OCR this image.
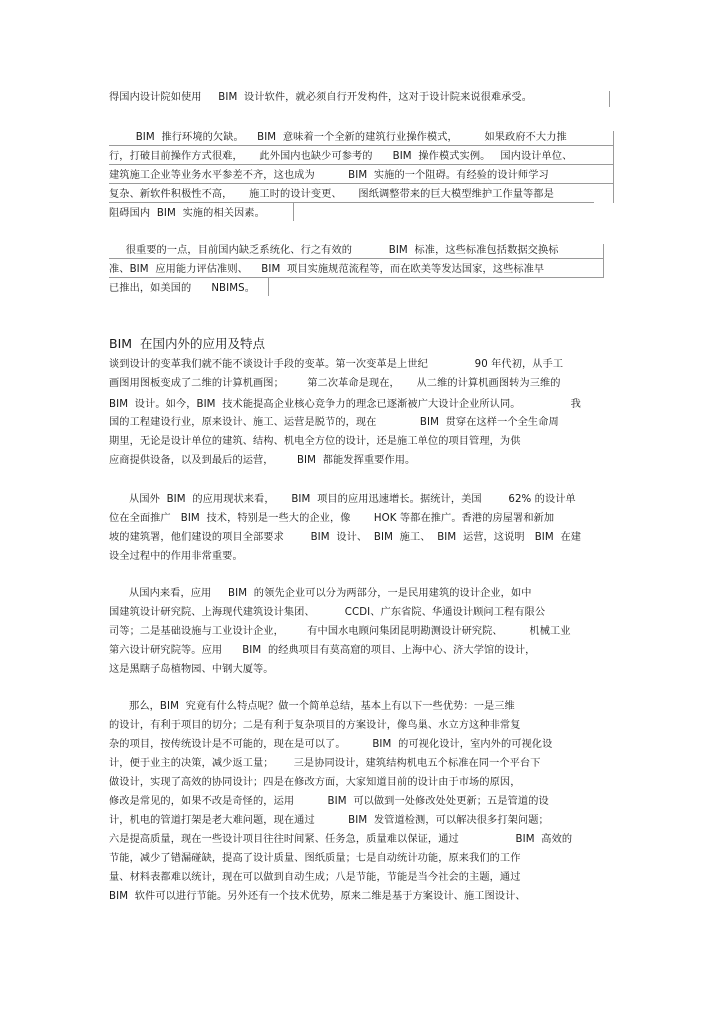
得国内设计院如使用     BIM  设计软件，就必须自行开发构件，这对于设计院来说很难承受。
BIM  推行环境的欠缺。    BIM  意味着一个全新的建筑行业操作模式，        如果政府不大力推
行，打破目前操作方式很难，     此外国内也缺少可参考的      BIM  操作模式实例。   国内设计单位、
建筑施工企业等业务水平参差不齐，这也成为          BIM  实施的一个阻碍。有经验的设计师学习
复杂、新软件积极性不高，     施工时的设计变更、     图纸调整带来的巨大模型维护工作量等都是
阻碍国内  BIM  实施的相关因素。
很重要的一点，目前国内缺乏系统化、行之有效的           BIM  标准，这些标准包括数据交换标
准、BIM  应用能力评估准则、    BIM  项目实施规范流程等，而在欧美等发达国家，这些标准早
已推出，如美国的      NBIMS。
BIM  在国内外的应用及特点
谈到设计的变革我们就不能不谈设计手段的变革。第一次变革是上世纪              90 年代初，从手工
画图用图板变成了二维的计算机画图；       第二次革命是现在，     从二维的计算机画图转为三维的
BIM  设计。如今，BIM  技术能提高企业核心竞争力的理念已逐渐被广大设计企业所认同。               我
国的工程建设行业，原来设计、施工、运营是脱节的，现在             BIM  贯穿在这样一个全生命周
期里，无论是设计单位的建筑、结构、机电全方位的设计，还是施工单位的项目管理，为供
应商提供设备，以及到最后的运营，       BIM  都能发挥重要作用。
从国外  BIM  的应用现状来看，     BIM  项目的应用迅速增长。据统计，美国        62% 的设计单
位在全面推广   BIM  技术，特别是一些大的企业，像       HOK 等都在推广。香港的房屋署和新加
坡的建筑署，他们建设的项目全部要求        BIM  设计、  BIM  施工、  BIM  运营，这说明   BIM  在建
设全过程中的作用非常重要。
从国内来看，应用     BIM  的领先企业可以分为两部分，一是民用建筑的设计企业，如中
国建筑设计研究院、上海现代建筑设计集团、         CCDI、广东省院、华通设计顾问工程有限公
司等；二是基础设施与工业设计企业，       有中国水电顾问集团昆明勘测设计研究院、        机械工业
第六设计研究院等。应用      BIM  的经典项目有莫高窟的项目、上海中心、济大学馆的设计，
这是黑瞎子岛植物园、中钢大厦等。
那么，BIM  究竟有什么特点呢？做一个简单总结，基本上有以下一些优势：一是三维
的设计，有利于项目的切分；二是有利于复杂项目的方案设计，像鸟巢、水立方这种非常复
杂的项目，按传统设计是不可能的，现在是可以了。        BIM  的可视化设计，室内外的可视化设
计，便于业主的决策，减少返工量；      三是协同设计，建筑结构机电五个标准在同一个平台下
做设计，实现了高效的协同设计；四是在修改方面，大家知道目前的设计由于市场的原因，
修改是常见的，如果不改是奇怪的，运用          BIM  可以做到一处修改处处更新；五是管道的设
计，机电的管道打架是老大难问题，现在通过          BIM  发管道检测，可以解决很多打架问题；
六是提高质量，现在一些设计项目往往时间紧、任务急，质量难以保证，通过                 BIM  高效的
节能，减少了错漏碰缺，提高了设计质量、图纸质量；七是自动统计功能，原来我们的工作
量、材料表都难以统计，现在可以做到自动生成；八是节能，节能是当今社会的主题，通过
BIM  软件可以进行节能。另外还有一个技术优势，原来二维是基于方案设计、施工图设计、
